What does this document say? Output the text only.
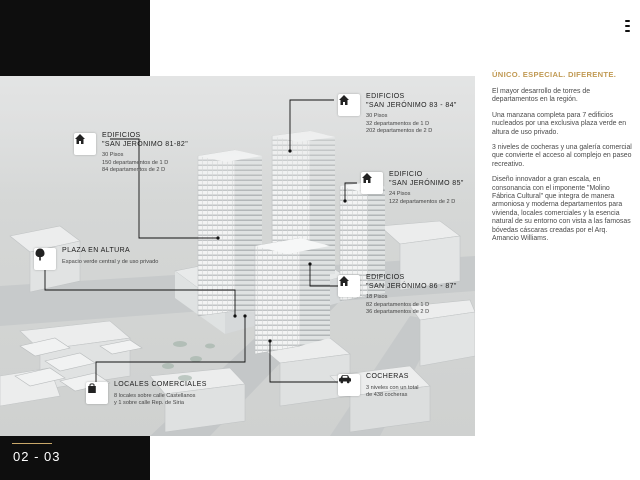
02 - 03
EDIFICIOS
"SAN JERÓNIMO 81-82"
30 Pisos
150 departamentos de 1 D
84 departamentos de 2 D
EDIFICIOS
"SAN JERÓNIMO 83 - 84"
30 Pisos
32 departamentos de 1 D
202 departamentos de 2 D
EDIFICIO
"SAN JERÓNIMO 85"
24 Pisos
122 departamentos de 2 D
PLAZA EN ALTURA
Espacio verde central y de uso privado
EDIFICIOS
"SAN JERÓNIMO 86 - 87"
18 Pisos
82 departamentos de 1 D
36 departamentos de 2 D
LOCALES COMERCIALES
8 locales sobre calle Castellanos
y 1 sobre calle Rep. de Siria
COCHERAS
3 niveles con un total
de 438 cocheras
ÚNICO. ESPECIAL. DIFERENTE.

El mayor desarrollo de torres de departamentos en la región.

Una manzana completa para 7 edificios nucleados por una exclusiva plaza verde en altura de uso privado.

3 niveles de cocheras y una galería comercial que convierte el acceso al complejo en paseo recreativo.

Diseño innovador a gran escala, en consonancia con el imponente "Molino Fábrica Cultural" que integra de manera armoniosa y moderna departamentos para vivienda, locales comerciales y la esencia natural de su entorno con vista a las famosas bóvedas cáscaras creadas por el Arq. Amancio Williams.
